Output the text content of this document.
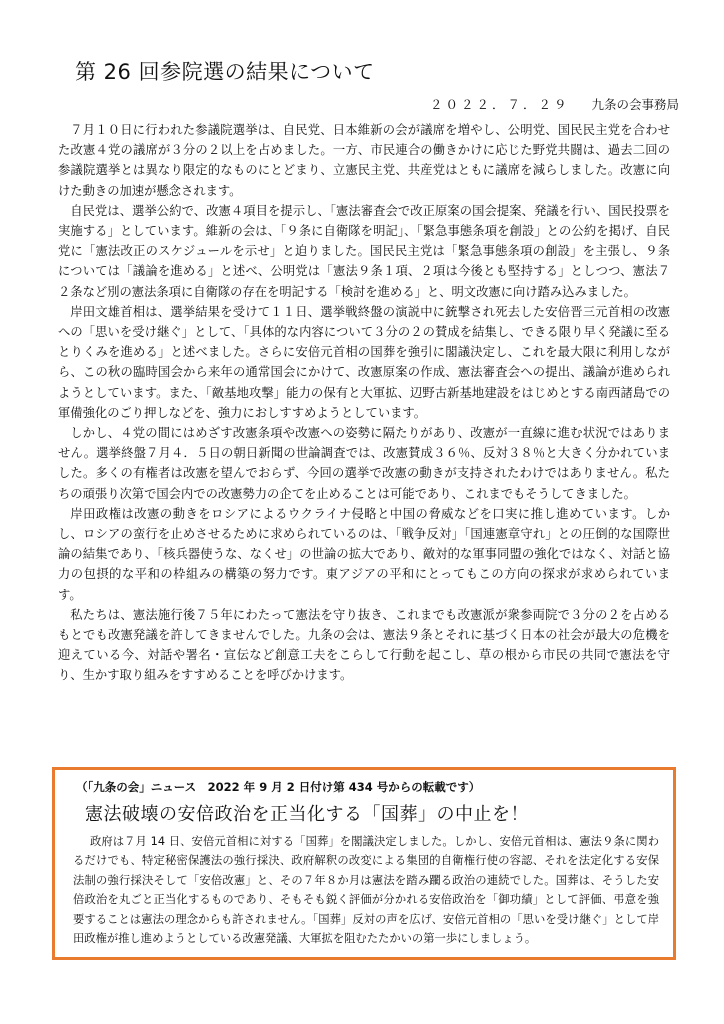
第 26 回参院選の結果について
２０２２．７．２９ 九条の会事務局

７月１０日に行われた参議院選挙は、自民党、日本維新の会が議席を増やし、公明党、国民民主党を合わせた改憲４党の議席が３分の２以上を占めました。一方、市民連合の働きかけに応じた野党共闘は、過去二回の参議院選挙とは異なり限定的なものにとどまり、立憲民主党、共産党はともに議席を減らしました。改憲に向けた動きの加速が懸念されます。

自民党は、選挙公約で、改憲４項目を提示し、「憲法審査会で改正原案の国会提案、発議を行い、国民投票を実施する」としています。維新の会は、「９条に自衛隊を明記」、「緊急事態条項を創設」との公約を掲げ、自民党に「憲法改正のスケジュールを示せ」と迫りました。国民民主党は「緊急事態条項の創設」を主張し、９条については「議論を進める」と述べ、公明党は「憲法９条１項、２項は今後とも堅持する」としつつ、憲法７２条など別の憲法条項に自衛隊の存在を明記する「検討を進める」と、明文改憲に向け踏み込みました。

岸田文雄首相は、選挙結果を受けて１１日、選挙戦終盤の演説中に銃撃され死去した安倍晋三元首相の改憲への「思いを受け継ぐ」として、「具体的な内容について３分の２の賛成を結集し、できる限り早く発議に至るとりくみを進める」と述べました。さらに安倍元首相の国葬を強引に閣議決定し、これを最大限に利用しながら、この秋の臨時国会から来年の通常国会にかけて、改憲原案の作成、憲法審査会への提出、議論が進められようとしています。また、「敵基地攻撃」能力の保有と大軍拡、辺野古新基地建設をはじめとする南西諸島での軍備強化のごり押しなどを、強力におしすすめようとしています。

しかし、４党の間にはめざす改憲条項や改憲への姿勢に隔たりがあり、改憲が一直線に進む状況ではありません。選挙終盤７月４．５日の朝日新聞の世論調査では、改憲賛成３６％、反対３８％と大きく分かれていました。多くの有権者は改憲を望んでおらず、今回の選挙で改憲の動きが支持されたわけではありません。私たちの頑張り次第で国会内での改憲勢力の企てを止めることは可能であり、これまでもそうしてきました。

岸田政権は改憲の動きをロシアによるウクライナ侵略と中国の脅威などを口実に推し進めています。しかし、ロシアの蛮行を止めさせるために求められているのは、「戦争反対」「国連憲章守れ」との圧倒的な国際世論の結集であり、「核兵器使うな、なくせ」の世論の拡大であり、敵対的な軍事同盟の強化ではなく、対話と協力の包摂的な平和の枠組みの構築の努力です。東アジアの平和にとってもこの方向の探求が求められています。

私たちは、憲法施行後７５年にわたって憲法を守り抜き、これまでも改憲派が衆参両院で３分の２を占めるもとでも改憲発議を許してきませんでした。九条の会は、憲法９条とそれに基づく日本の社会が最大の危機を迎えている今、対話や署名・宣伝など創意工夫をこらして行動を起こし、草の根から市民の共同で憲法を守り、生かす取り組みをすすめることを呼びかけます。

（「九条の会」ニュース　2022 年 9 月 2 日付け第 434 号からの転載です）
憲法破壊の安倍政治を正当化する「国葬」の中止を！

政府は７月 14 日、安倍元首相に対する「国葬」を閣議決定しました。しかし、安倍元首相は、憲法９条に関わるだけでも、特定秘密保護法の強行採決、政府解釈の改変による集団的自衛権行使の容認、それを法定化する安保法制の強行採決そして「安倍改憲」と、その７年８か月は憲法を踏み躙る政治の連続でした。国葬は、そうした安倍政治を丸ごと正当化するものであり、そもそも鋭く評価が分かれる安倍政治を「御功績」として評価、弔意を強要することは憲法の理念からも許されません。「国葬」反対の声を広げ、安倍元首相の「思いを受け継ぐ」として岸田政権が推し進めようとしている改憲発議、大軍拡を阻むたたかいの第一歩にしましょう。
